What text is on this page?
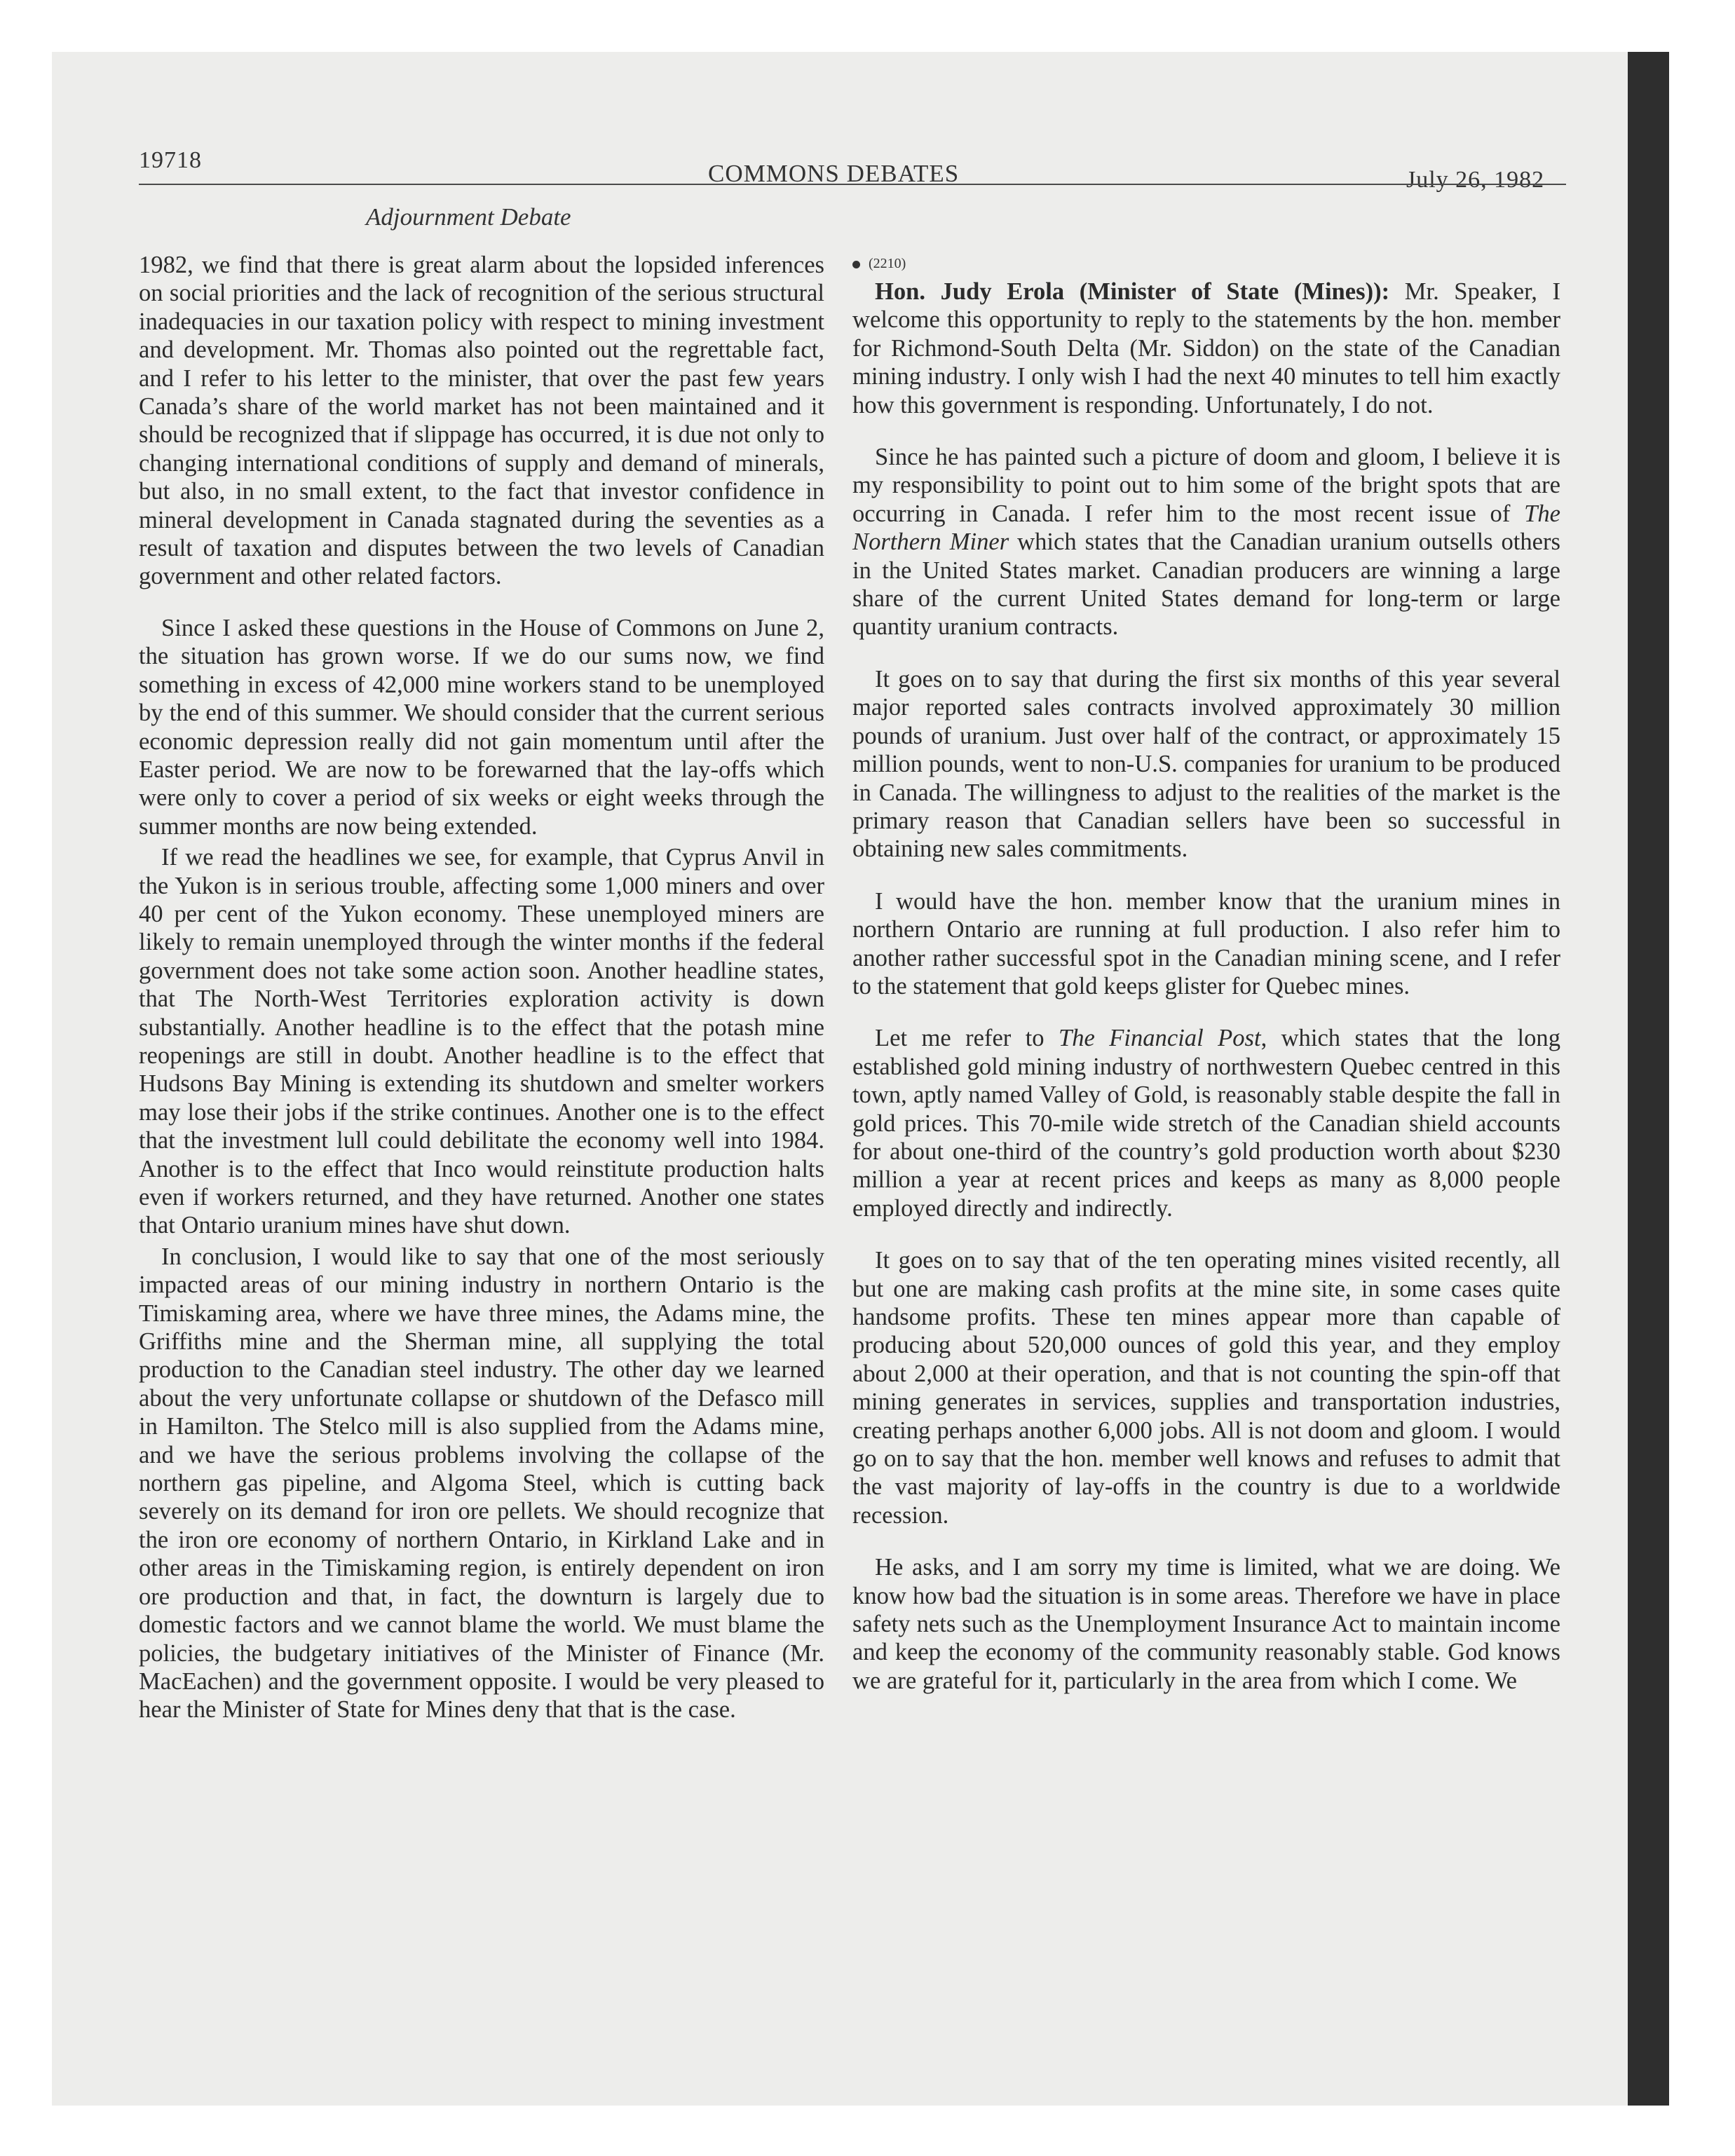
19718	COMMONS DEBATES	July 26, 1982
Adjournment Debate

1982, we find that there is great alarm about the lopsided inferences on social priorities and the lack of recognition of the serious structural inadequacies in our taxation policy with respect to mining investment and development. Mr. Thomas also pointed out the regrettable fact, and I refer to his letter to the minister, that over the past few years Canada’s share of the world market has not been maintained and it should be recognized that if slippage has occurred, it is due not only to changing international conditions of supply and demand of minerals, but also, in no small extent, to the fact that investor confidence in mineral development in Canada stagnated during the seventies as a result of taxation and disputes between the two levels of Canadian government and other related factors.

Since I asked these questions in the House of Commons on June 2, the situation has grown worse. If we do our sums now, we find something in excess of 42,000 mine workers stand to be unemployed by the end of this summer. We should consider that the current serious economic depression really did not gain momentum until after the Easter period. We are now to be forewarned that the lay-offs which were only to cover a period of six weeks or eight weeks through the summer months are now being extended.

If we read the headlines we see, for example, that Cyprus Anvil in the Yukon is in serious trouble, affecting some 1,000 miners and over 40 per cent of the Yukon economy. These unemployed miners are likely to remain unemployed through the winter months if the federal government does not take some action soon. Another headline states, that The North-West Territories exploration activity is down substantially. Another headline is to the effect that the potash mine reopenings are still in doubt. Another headline is to the effect that Hudsons Bay Mining is extending its shutdown and smelter workers may lose their jobs if the strike continues. Another one is to the effect that the investment lull could debilitate the economy well into 1984. Another is to the effect that Inco would reinstitute production halts even if workers returned, and they have returned. Another one states that Ontario uranium mines have shut down.

In conclusion, I would like to say that one of the most seriously impacted areas of our mining industry in northern Ontario is the Timiskaming area, where we have three mines, the Adams mine, the Griffiths mine and the Sherman mine, all supplying the total production to the Canadian steel industry. The other day we learned about the very unfortunate collapse or shutdown of the Defasco mill in Hamilton. The Stelco mill is also supplied from the Adams mine, and we have the serious problems involving the collapse of the northern gas pipeline, and Algoma Steel, which is cutting back severely on its demand for iron ore pellets. We should recognize that the iron ore economy of northern Ontario, in Kirkland Lake and in other areas in the Timiskaming region, is entirely dependent on iron ore production and that, in fact, the downturn is largely due to domestic factors and we cannot blame the world. We must blame the policies, the budgetary initiatives of the Minister of Finance (Mr. MacEachen) and the government opposite. I would be very pleased to hear the Minister of State for Mines deny that that is the case.

(2210)

Hon. Judy Erola (Minister of State (Mines)): Mr. Speaker, I welcome this opportunity to reply to the statements by the hon. member for Richmond-South Delta (Mr. Siddon) on the state of the Canadian mining industry. I only wish I had the next 40 minutes to tell him exactly how this government is responding. Unfortunately, I do not.

Since he has painted such a picture of doom and gloom, I believe it is my responsibility to point out to him some of the bright spots that are occurring in Canada. I refer him to the most recent issue of The Northern Miner which states that the Canadian uranium outsells others in the United States market. Canadian producers are winning a large share of the current United States demand for long-term or large quantity uranium contracts.

It goes on to say that during the first six months of this year several major reported sales contracts involved approximately 30 million pounds of uranium. Just over half of the contract, or approximately 15 million pounds, went to non-U.S. companies for uranium to be produced in Canada. The willingness to adjust to the realities of the market is the primary reason that Canadian sellers have been so successful in obtaining new sales commitments.

I would have the hon. member know that the uranium mines in northern Ontario are running at full production. I also refer him to another rather successful spot in the Canadian mining scene, and I refer to the statement that gold keeps glister for Quebec mines.

Let me refer to The Financial Post, which states that the long established gold mining industry of northwestern Quebec centred in this town, aptly named Valley of Gold, is reasonably stable despite the fall in gold prices. This 70-mile wide stretch of the Canadian shield accounts for about one-third of the country’s gold production worth about $230 million a year at recent prices and keeps as many as 8,000 people employed directly and indirectly.

It goes on to say that of the ten operating mines visited recently, all but one are making cash profits at the mine site, in some cases quite handsome profits. These ten mines appear more than capable of producing about 520,000 ounces of gold this year, and they employ about 2,000 at their operation, and that is not counting the spin-off that mining generates in services, supplies and transportation industries, creating perhaps another 6,000 jobs. All is not doom and gloom. I would go on to say that the hon. member well knows and refuses to admit that the vast majority of lay-offs in the country is due to a worldwide recession.

He asks, and I am sorry my time is limited, what we are doing. We know how bad the situation is in some areas. Therefore we have in place safety nets such as the Unemployment Insurance Act to maintain income and keep the economy of the community reasonably stable. God knows we are grateful for it, particularly in the area from which I come. We
